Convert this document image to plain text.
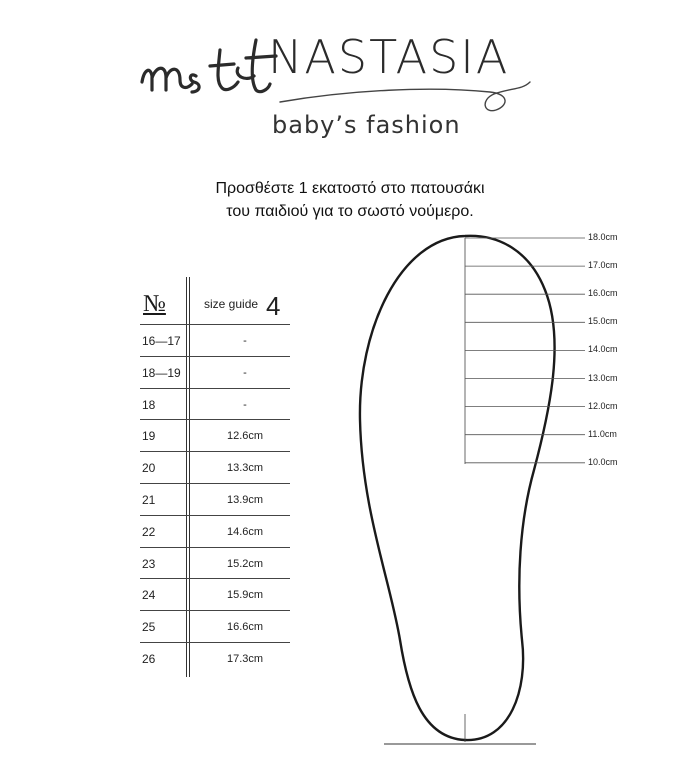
NASTASIA
baby’s fashion
Προσθέστε 1 εκατοστό στο πατουσάκι
του παιδιού για το σωστό νούμερο.
№	size guide 4
16—17	-
18—19	-
18	-
19	12.6cm
20	13.3cm
21	13.9cm
22	14.6cm
23	15.2cm
24	15.9cm
25	16.6cm
26	17.3cm
18.0cm
17.0cm
16.0cm
15.0cm
14.0cm
13.0cm
12.0cm
11.0cm
10.0cm
